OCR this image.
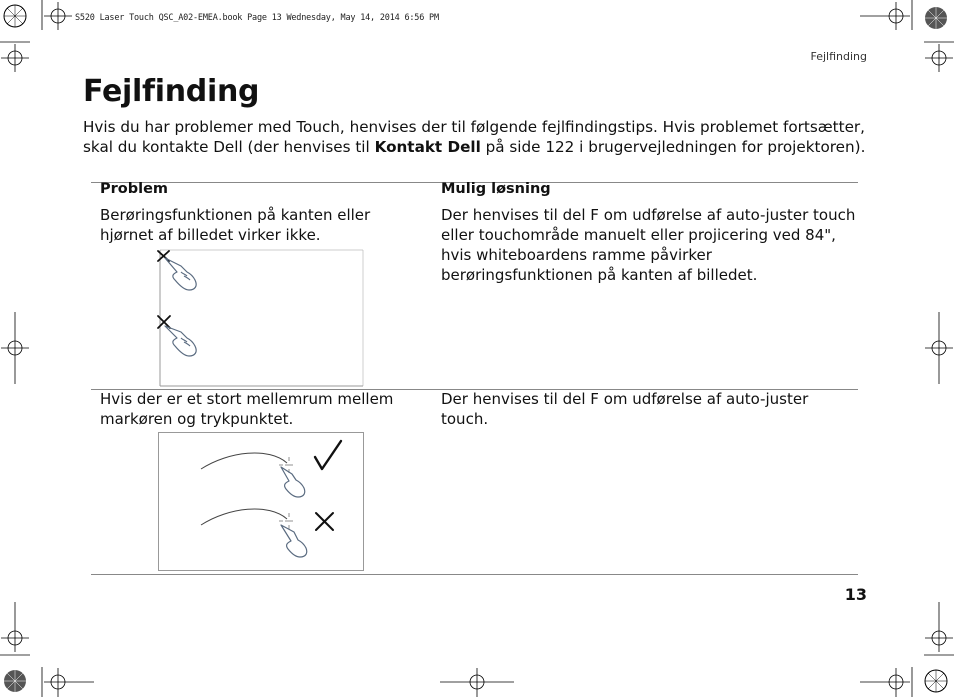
S520 Laser Touch QSC_A02-EMEA.book Page 13 Wednesday, May 14, 2014 6:56 PM
Fejlfinding
Fejlfinding
Hvis du har problemer med Touch, henvises der til følgende fejlfindingstips. Hvis problemet fortsætter, skal du kontakte Dell (der henvises til Kontakt Dell på side 122 i brugervejledningen for projektoren).
Problem	Mulig løsning
Berøringsfunktionen på kanten eller hjørnet af billedet virker ikke.
Der henvises til del F om udførelse af auto-juster touch eller touchområde manuelt eller projicering ved 84", hvis whiteboardens ramme påvirker berøringsfunktionen på kanten af billedet.
Hvis der er et stort mellemrum mellem markøren og trykpunktet.
Der henvises til del F om udførelse af auto-juster touch.
13
